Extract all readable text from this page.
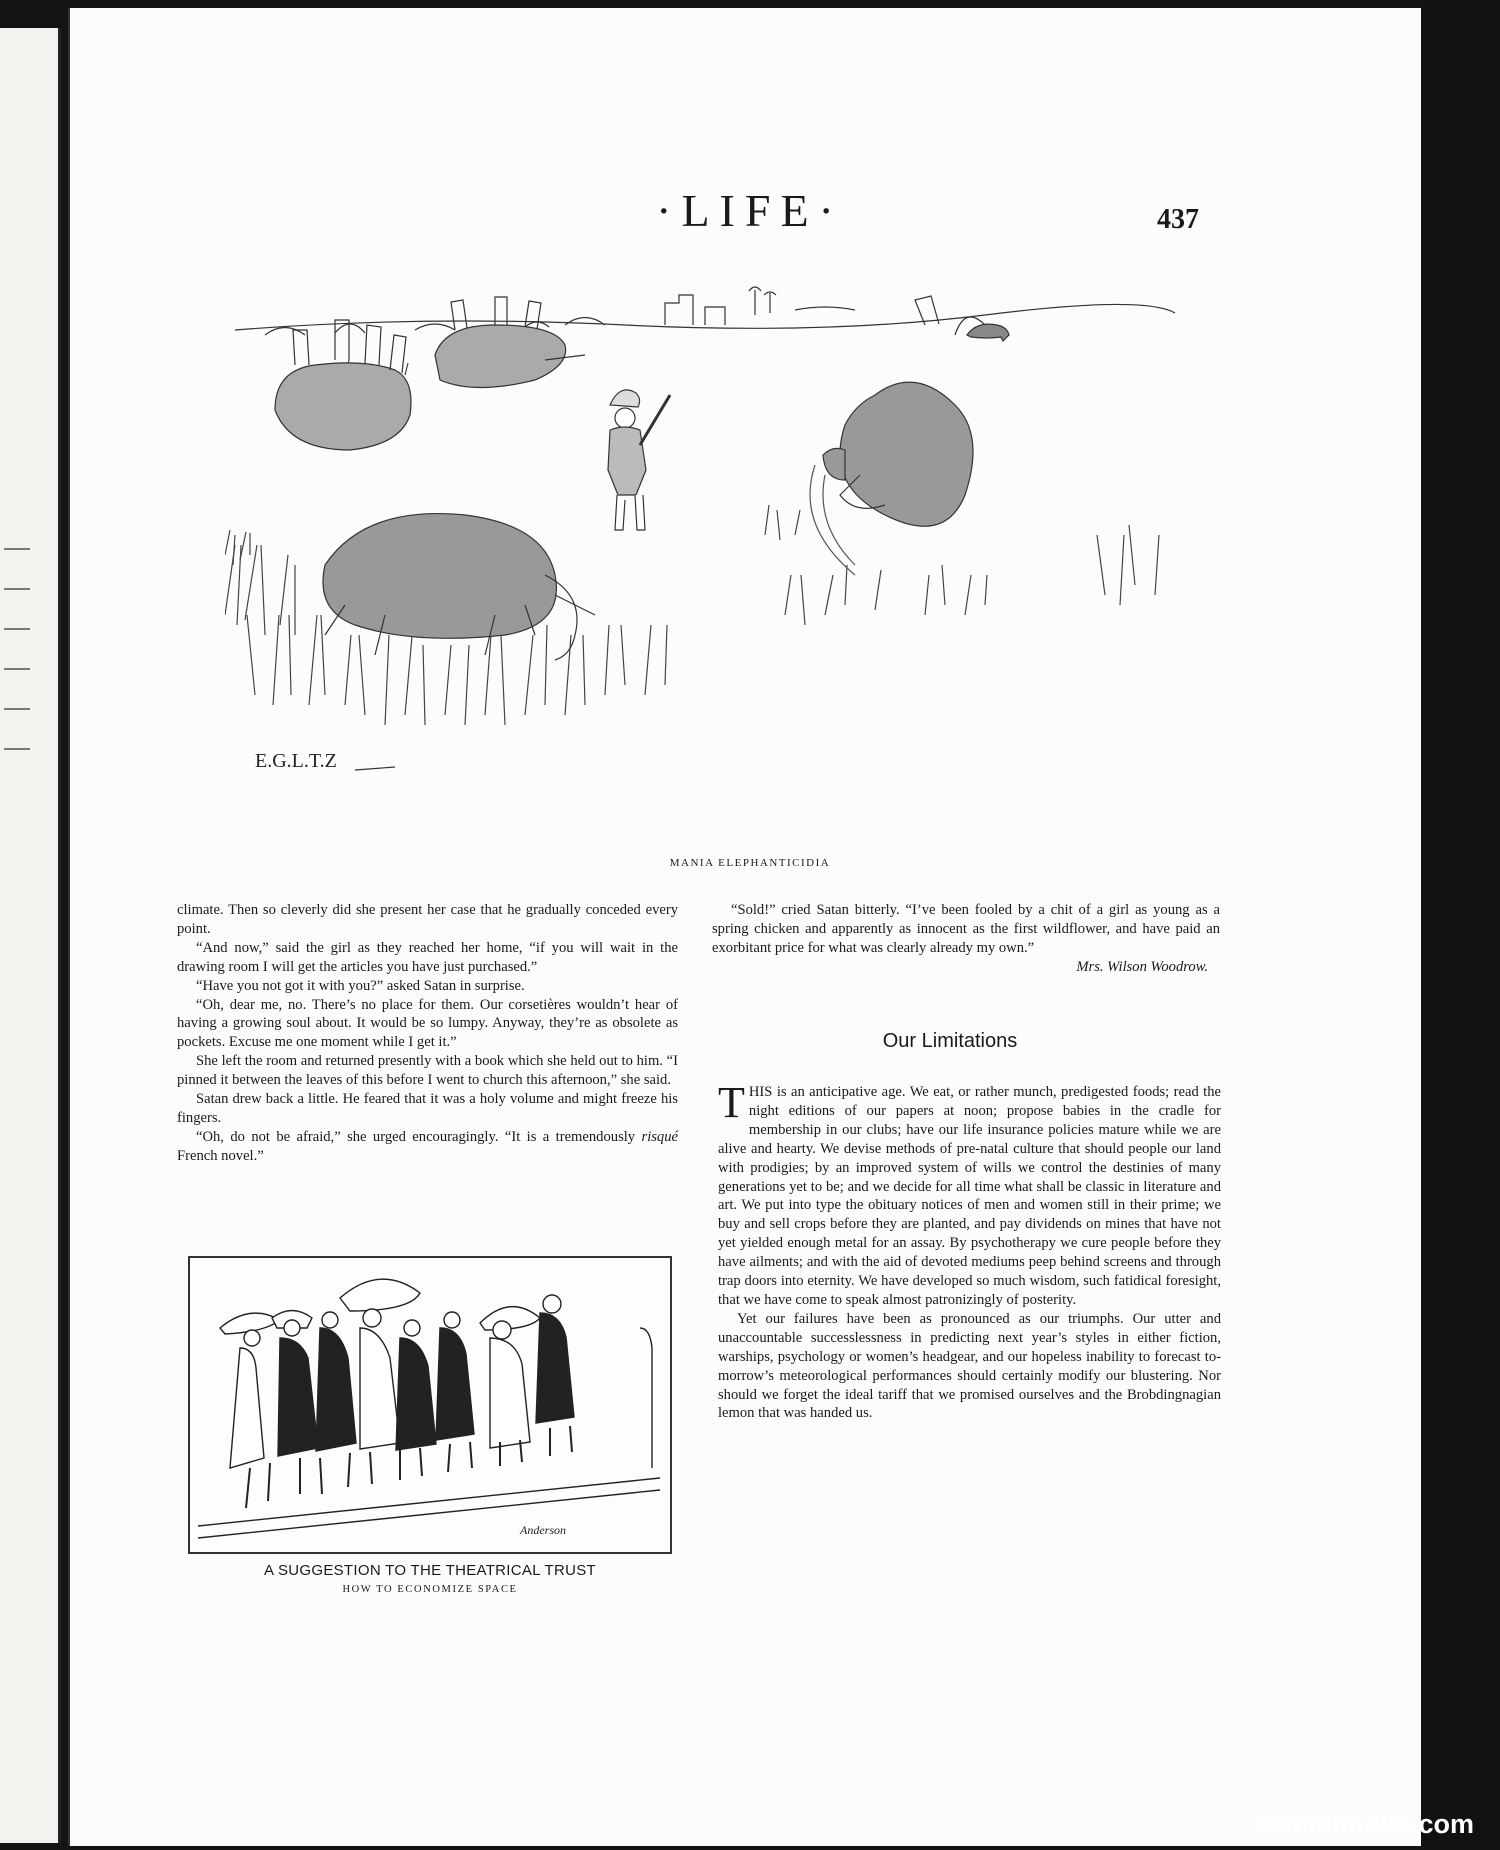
·LIFE·	437
E.G.L.T.Z
MANIA ELEPHANTICIDIA

climate. Then so cleverly did she present her case that he gradually conceded every point.

“And now,” said the girl as they reached her home, “if you will wait in the drawing room I will get the articles you have just purchased.”

“Have you not got it with you?” asked Satan in surprise.

“Oh, dear me, no. There’s no place for them. Our corsetières wouldn’t hear of having a growing soul about. It would be so lumpy. Anyway, they’re as obsolete as pockets. Excuse me one moment while I get it.”

She left the room and returned presently with a book which she held out to him. “I pinned it between the leaves of this before I went to church this afternoon,” she said.

Satan drew back a little. He feared that it was a holy volume and might freeze his fingers.

“Oh, do not be afraid,” she urged encouragingly. “It is a tremendously risqué French novel.”

Anderson
A SUGGESTION TO THE THEATRICAL TRUST
HOW TO ECONOMIZE SPACE

“Sold!” cried Satan bitterly. “I’ve been fooled by a chit of a girl as young as a spring chicken and apparently as innocent as the first wildflower, and have paid an exorbitant price for what was clearly already my own.”

Mrs. Wilson Woodrow.
Our Limitations

THIS is an anticipative age. We eat, or rather munch, predigested foods; read the night editions of our papers at noon; propose babies in the cradle for membership in our clubs; have our life insurance policies mature while we are alive and hearty. We devise methods of pre-natal culture that should people our land with prodigies; by an improved system of wills we control the destinies of many generations yet to be; and we decide for all time what shall be classic in literature and art. We put into type the obituary notices of men and women still in their prime; we buy and sell crops before they are planted, and pay dividends on mines that have not yet yielded enough metal for an assay. By psychotherapy we cure people before they have ailments; and with the aid of devoted mediums peep behind screens and through trap doors into eternity. We have developed so much wisdom, such fatidical foresight, that we have come to speak almost patronizingly of posterity.

Yet our failures have been as pronounced as our triumphs. Our utter and unaccountable successlessness in predicting next year’s styles in either fiction, warships, psychology or women’s headgear, and our hopeless inability to forecast to-morrow’s meteorological performances should certainly modify our blustering. Nor should we forget the ideal tariff that we promised ourselves and the Brobdingnagian lemon that was handed us.

comicbooks.com
